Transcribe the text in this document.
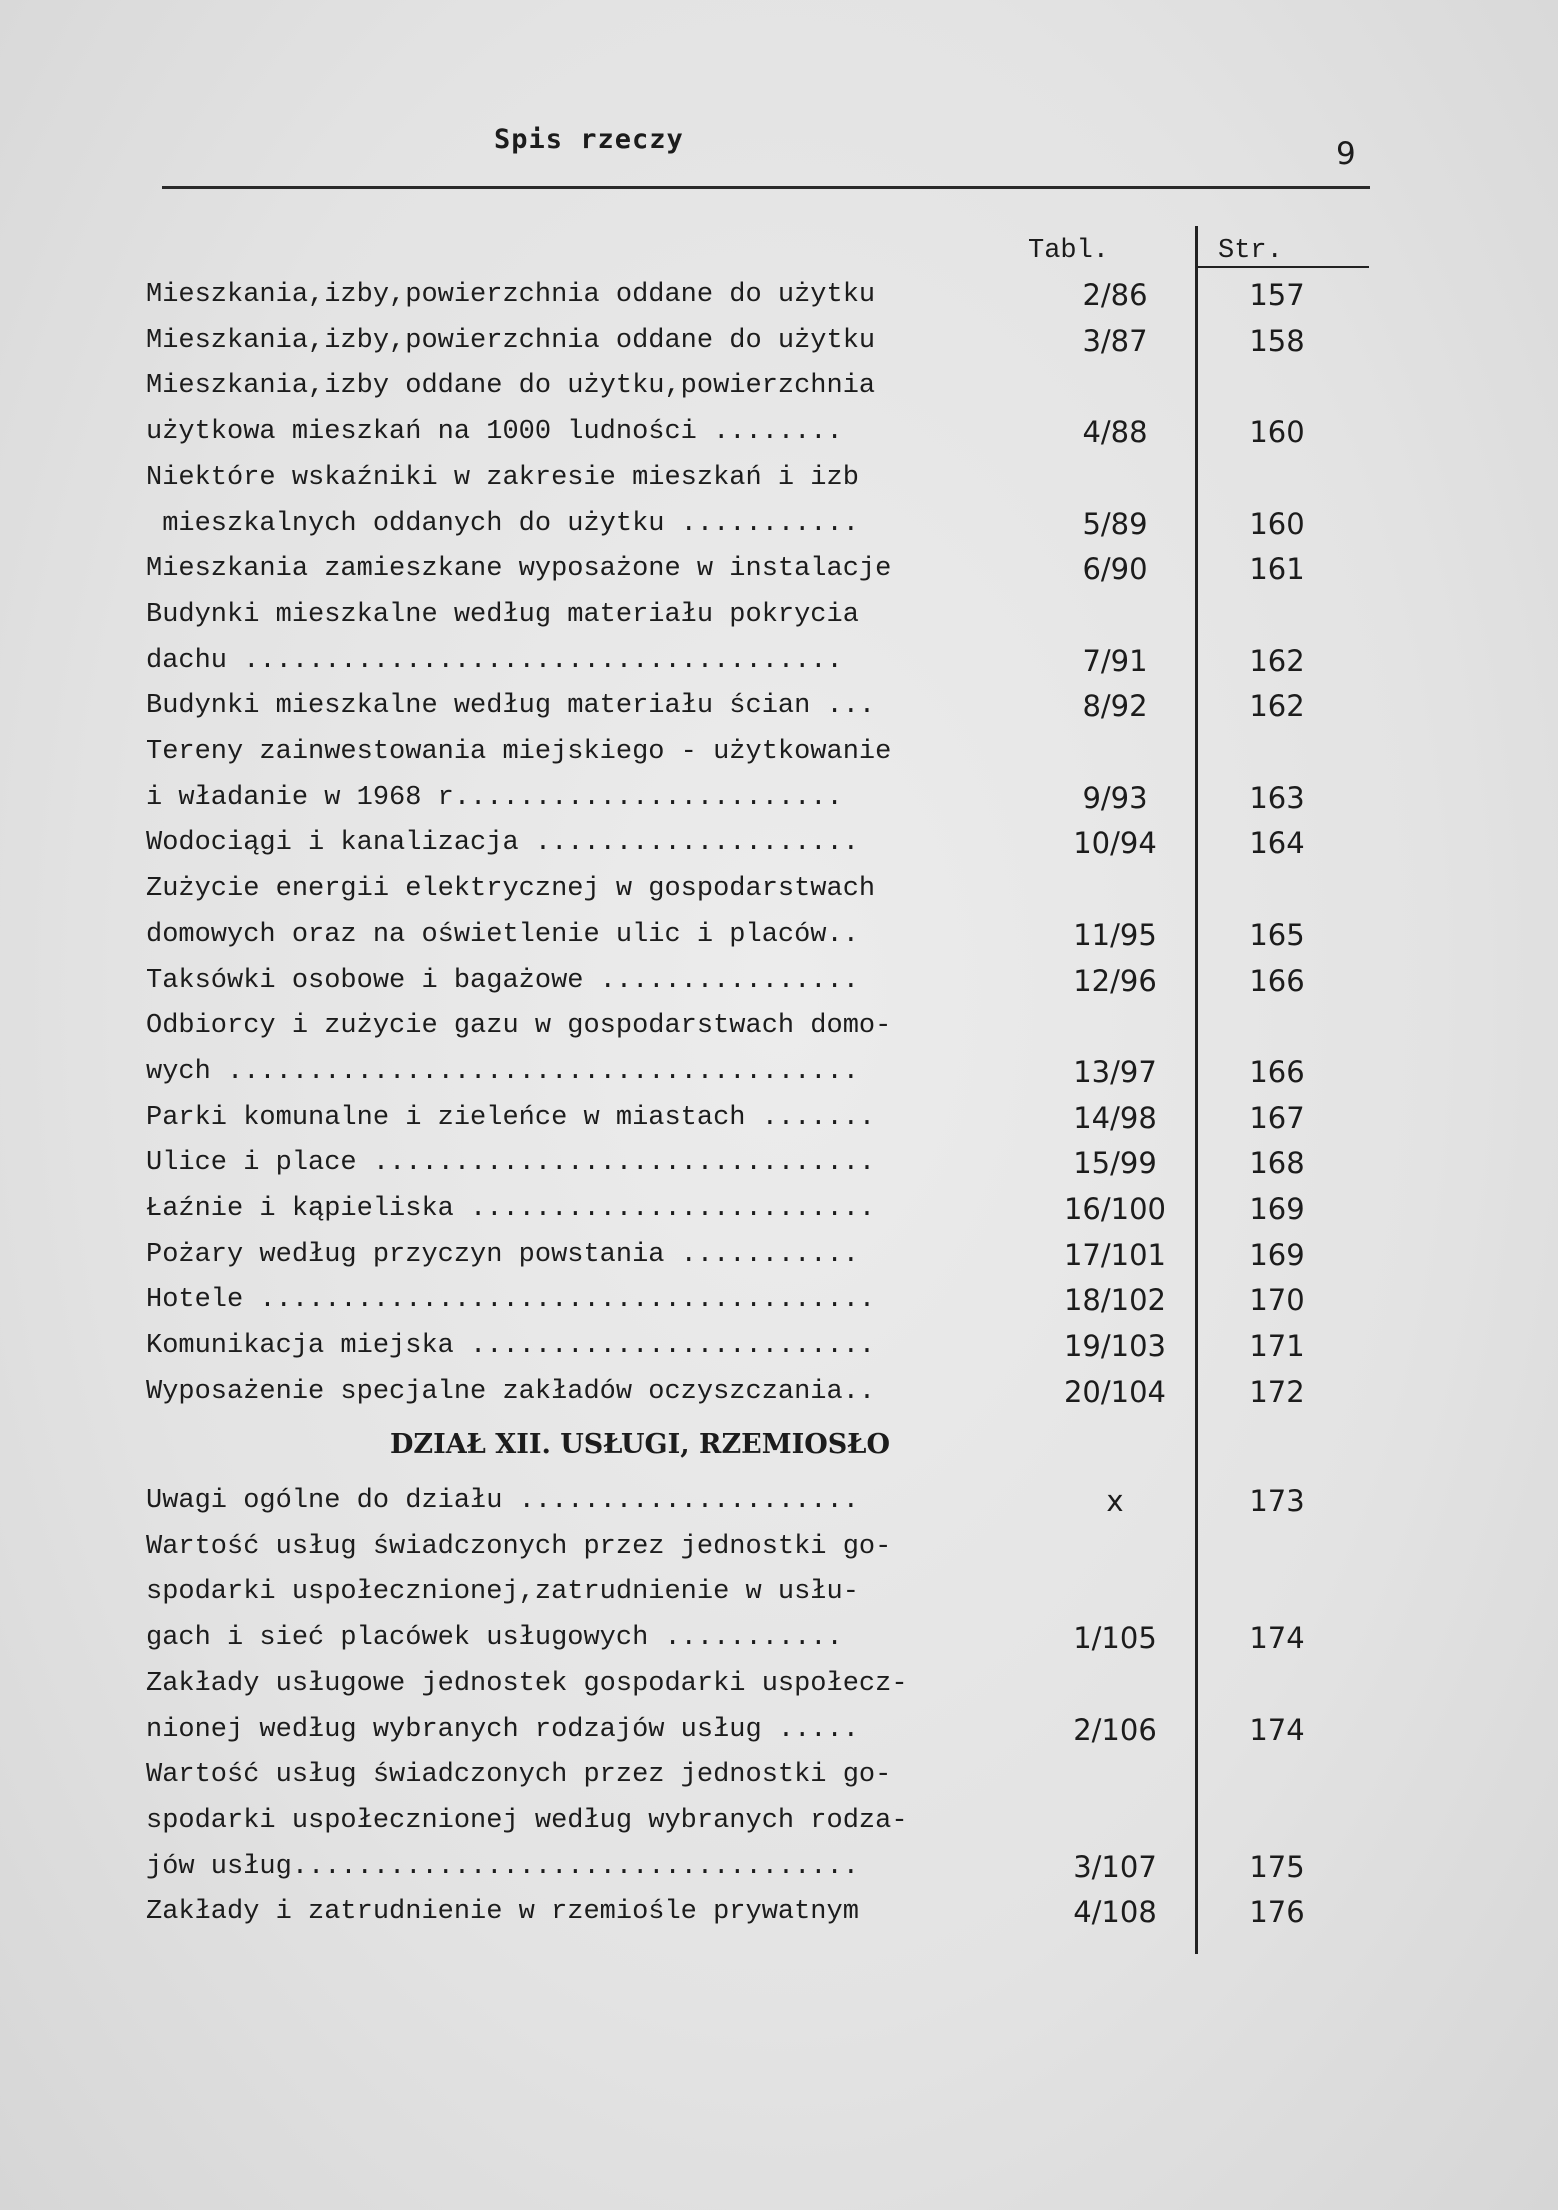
Spis rzeczy	9
Tabl.	Str.
Mieszkania,izby,powierzchnia oddane do użytku	2/86	157
Mieszkania,izby,powierzchnia oddane do użytku	3/87	158
Mieszkania,izby oddane do użytku,powierzchnia
użytkowa mieszkań na 1000 ludności ........	4/88	160
Niektóre wskaźniki w zakresie mieszkań i izb
mieszkalnych oddanych do użytku ...........	5/89	160
Mieszkania zamieszkane wyposażone w instalacje	6/90	161
Budynki mieszkalne według materiału pokrycia
dachu .....................................	7/91	162
Budynki mieszkalne według materiału ścian ...	8/92	162
Tereny zainwestowania miejskiego - użytkowanie
i władanie w 1968 r........................	9/93	163
Wodociągi i kanalizacja ....................	10/94	164
Zużycie energii elektrycznej w gospodarstwach
domowych oraz na oświetlenie ulic i placów..	11/95	165
Taksówki osobowe i bagażowe ................	12/96	166
Odbiorcy i zużycie gazu w gospodarstwach domo-
wych .......................................	13/97	166
Parki komunalne i zieleńce w miastach .......	14/98	167
Ulice i place ...............................	15/99	168
Łaźnie i kąpieliska .........................	16/100	169
Pożary według przyczyn powstania ...........	17/101	169
Hotele ......................................	18/102	170
Komunikacja miejska .........................	19/103	171
Wyposażenie specjalne zakładów oczyszczania..	20/104	172
DZIAŁ XII. USŁUGI, RZEMIOSŁO
Uwagi ogólne do działu .....................	x	173
Wartość usług świadczonych przez jednostki go-
spodarki uspołecznionej,zatrudnienie w usłu-
gach i sieć placówek usługowych ...........	1/105	174
Zakłady usługowe jednostek gospodarki uspołecz-
nionej według wybranych rodzajów usług .....	2/106	174
Wartość usług świadczonych przez jednostki go-
spodarki uspołecznionej według wybranych rodza-
jów usług...................................	3/107	175
Zakłady i zatrudnienie w rzemiośle prywatnym	4/108	176
